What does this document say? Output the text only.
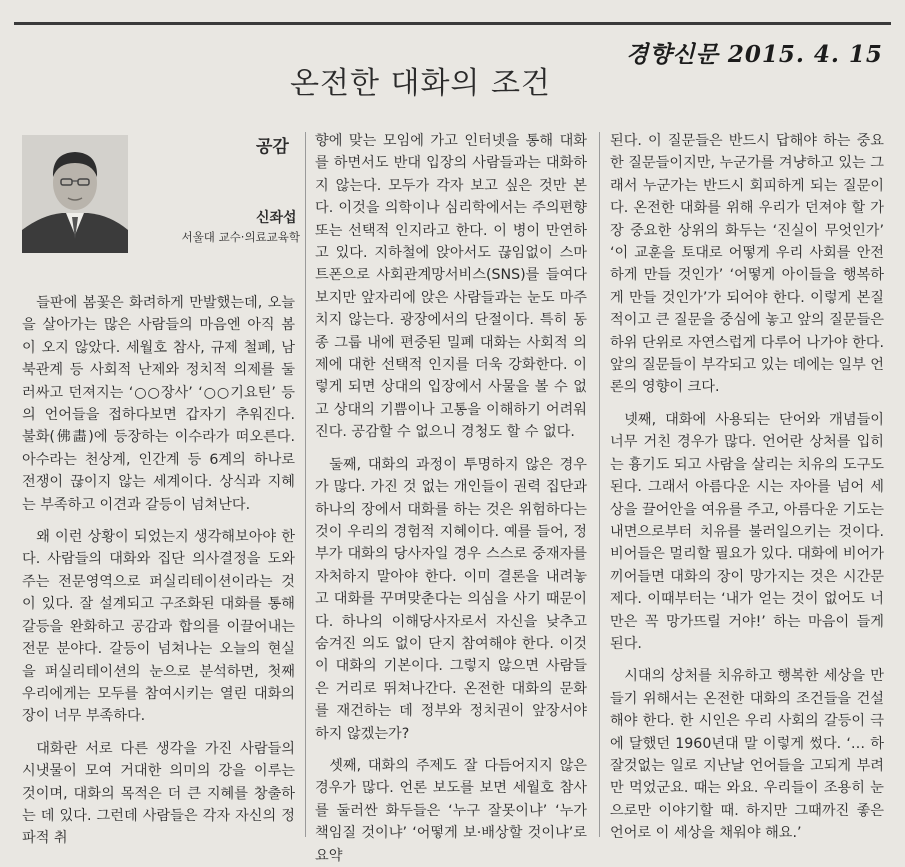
경향신문 2015. 4. 15
온전한 대화의 조건
공감
신좌섭
서울대 교수·의료교육학

들판에 봄꽃은 화려하게 만발했는데, 오늘을 살아가는 많은 사람들의 마음엔 아직 봄이 오지 않았다. 세월호 참사, 규제 철폐, 남북관계 등 사회적 난제와 정치적 의제를 둘러싸고 던져지는 ‘○○장사’ ‘○○기요틴’ 등의 언어들을 접하다보면 갑자기 추워진다. 불화(佛畵)에 등장하는 이수라가 떠오른다. 아수라는 천상계, 인간계 등 6계의 하나로 전쟁이 끊이지 않는 세계이다. 상식과 지혜는 부족하고 이견과 갈등이 넘쳐난다.

왜 이런 상황이 되었는지 생각해보아야 한다. 사람들의 대화와 집단 의사결정을 도와주는 전문영역으로 퍼실리테이션이라는 것이 있다. 잘 설계되고 구조화된 대화를 통해 갈등을 완화하고 공감과 합의를 이끌어내는 전문 분야다. 갈등이 넘쳐나는 오늘의 현실을 퍼실리테이션의 눈으로 분석하면, 첫째 우리에게는 모두를 참여시키는 열린 대화의 장이 너무 부족하다.

대화란 서로 다른 생각을 가진 사람들의 시냇물이 모여 거대한 의미의 강을 이루는 것이며, 대화의 목적은 더 큰 지혜를 창출하는 데 있다. 그런데 사람들은 각자 자신의 정파적 취

향에 맞는 모임에 가고 인터넷을 통해 대화를 하면서도 반대 입장의 사람들과는 대화하지 않는다. 모두가 각자 보고 싶은 것만 본다. 이것을 의학이나 심리학에서는 주의편향 또는 선택적 인지라고 한다. 이 병이 만연하고 있다. 지하철에 앉아서도 끊임없이 스마트폰으로 사회관계망서비스(SNS)를 들여다보지만 앞자리에 앉은 사람들과는 눈도 마주치지 않는다. 광장에서의 단절이다. 특히 동종 그룹 내에 편중된 밀폐 대화는 사회적 의제에 대한 선택적 인지를 더욱 강화한다. 이렇게 되면 상대의 입장에서 사물을 볼 수 없고 상대의 기쁨이나 고통을 이해하기 어려워진다. 공감할 수 없으니 경청도 할 수 없다.

둘째, 대화의 과정이 투명하지 않은 경우가 많다. 가진 것 없는 개인들이 권력 집단과 하나의 장에서 대화를 하는 것은 위험하다는 것이 우리의 경험적 지혜이다. 예를 들어, 정부가 대화의 당사자일 경우 스스로 중재자를 자처하지 말아야 한다. 이미 결론을 내려놓고 대화를 꾸며맞춘다는 의심을 사기 때문이다. 하나의 이해당사자로서 자신을 낮추고 숨겨진 의도 없이 단지 참여해야 한다. 이것이 대화의 기본이다. 그렇지 않으면 사람들은 거리로 뛰쳐나간다. 온전한 대화의 문화를 재건하는 데 정부와 정치권이 앞장서야 하지 않겠는가?

셋째, 대화의 주제도 잘 다듬어지지 않은 경우가 많다. 언론 보도를 보면 세월호 참사를 둘러싼 화두들은 ‘누구 잘못이냐’ ‘누가 책임질 것이냐’ ‘어떻게 보·배상할 것이냐’로 요약

된다. 이 질문들은 반드시 답해야 하는 중요한 질문들이지만, 누군가를 겨냥하고 있는 그래서 누군가는 반드시 회피하게 되는 질문이다. 온전한 대화를 위해 우리가 던져야 할 가장 중요한 상위의 화두는 ‘진실이 무엇인가’ ‘이 교훈을 토대로 어떻게 우리 사회를 안전하게 만들 것인가’ ‘어떻게 아이들을 행복하게 만들 것인가’가 되어야 한다. 이렇게 본질적이고 큰 질문을 중심에 놓고 앞의 질문들은 하위 단위로 자연스럽게 다루어 나가야 한다. 앞의 질문들이 부각되고 있는 데에는 일부 언론의 영향이 크다.

넷째, 대화에 사용되는 단어와 개념들이 너무 거친 경우가 많다. 언어란 상처를 입히는 흉기도 되고 사람을 살리는 치유의 도구도 된다. 그래서 아름다운 시는 자아를 넘어 세상을 끌어안을 여유를 주고, 아름다운 기도는 내면으로부터 치유를 불러일으키는 것이다. 비어들은 멀리할 필요가 있다. 대화에 비어가 끼어들면 대화의 장이 망가지는 것은 시간문제다. 이때부터는 ‘내가 얻는 것이 없어도 너만은 꼭 망가뜨릴 거야!’ 하는 마음이 들게 된다.

시대의 상처를 치유하고 행복한 세상을 만들기 위해서는 온전한 대화의 조건들을 건설해야 한다. 한 시인은 우리 사회의 갈등이 극에 달했던 1960년대 말 이렇게 썼다. ‘… 하잘것없는 일로 지난날 언어들을 고되게 부려만 먹었군요. 때는 와요. 우리들이 조용히 눈으로만 이야기할 때. 하지만 그때까진 좋은 언어로 이 세상을 채워야 해요.’
